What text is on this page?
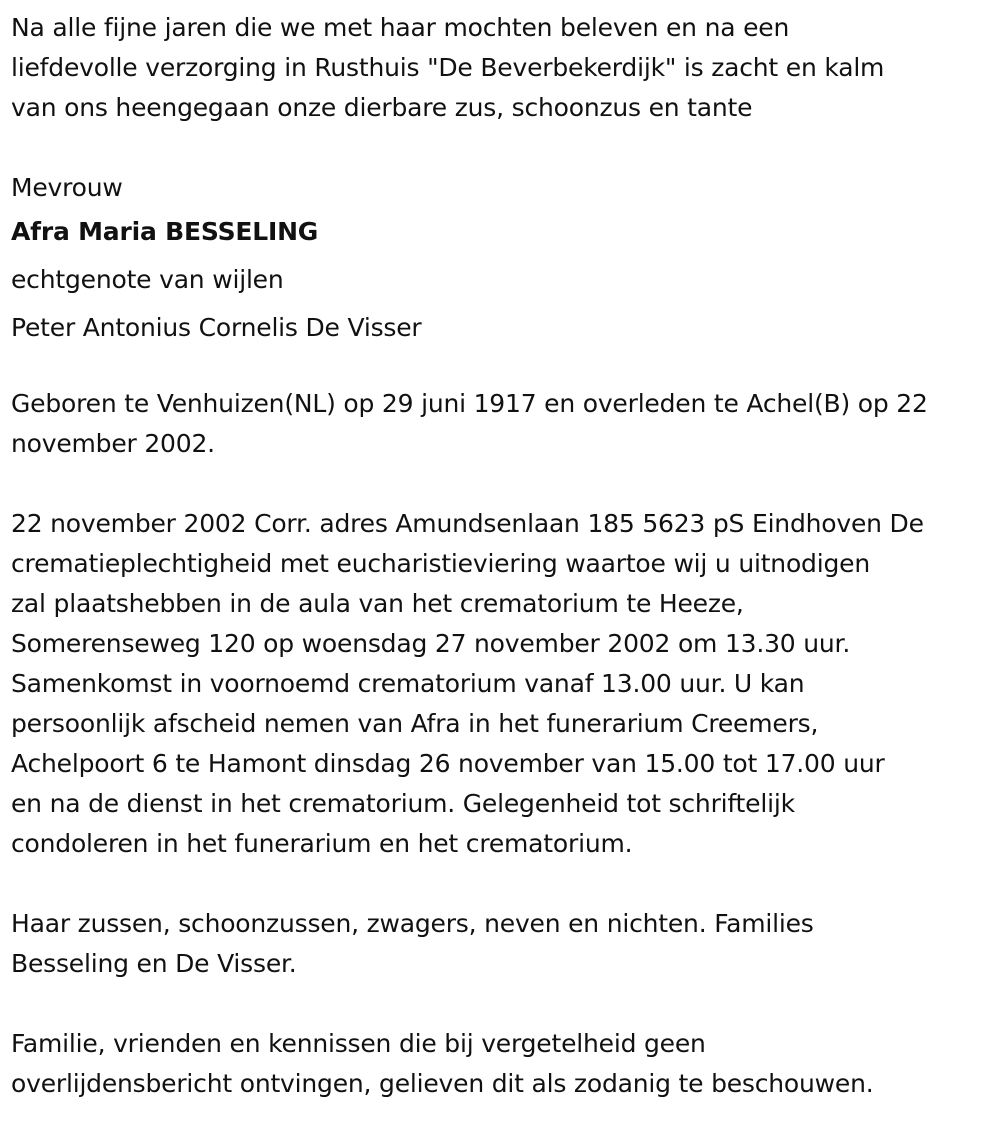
Na alle fijne jaren die we met haar mochten beleven en na een
liefdevolle verzorging in Rusthuis "De Beverbekerdijk" is zacht en kalm
van ons heengegaan onze dierbare zus, schoonzus en tante

Mevrouw

Afra Maria BESSELING

echtgenote van wijlen

Peter Antonius Cornelis De Visser

Geboren te Venhuizen(NL) op 29 juni 1917 en overleden te Achel(B) op 22
november 2002.

22 november 2002 Corr. adres Amundsenlaan 185 5623 pS Eindhoven De
crematieplechtigheid met eucharistieviering waartoe wij u uitnodigen
zal plaatshebben in de aula van het crematorium te Heeze,
Somerenseweg 120 op woensdag 27 november 2002 om 13.30 uur.
Samenkomst in voornoemd crematorium vanaf 13.00 uur. U kan
persoonlijk afscheid nemen van Afra in het funerarium Creemers,
Achelpoort 6 te Hamont dinsdag 26 november van 15.00 tot 17.00 uur
en na de dienst in het crematorium. Gelegenheid tot schriftelijk
condoleren in het funerarium en het crematorium.

Haar zussen, schoonzussen, zwagers, neven en nichten. Families
Besseling en De Visser.

Familie, vrienden en kennissen die bij vergetelheid geen
overlijdensbericht ontvingen, gelieven dit als zodanig te beschouwen.
